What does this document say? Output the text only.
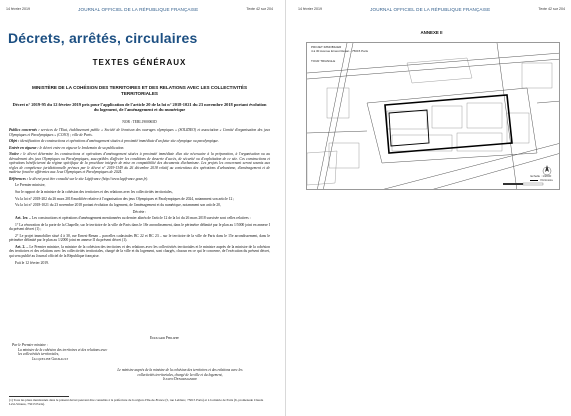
14 février 2019	JOURNAL OFFICIEL DE LA RÉPUBLIQUE FRANÇAISE	Texte 42 sur 204
Décrets, arrêtés, circulaires
TEXTES GÉNÉRAUX
MINISTÈRE DE LA COHÉSION DES TERRITOIRES ET DES RELATIONS AVEC LES COLLECTIVITÉS TERRITORIALES
Décret n° 2019-95 du 12 février 2019 pris pour l'application de l'article 20 de la loi n° 2018-1021 du 23 novembre 2018 portant évolution du logement, de l'aménagement et du numérique
NOR : TERL1900065D

Publics concernés : services de l'Etat, établissement public « Société de livraison des ouvrages olympiques » (SOLIDEO) et association « Comité d'organisation des jeux Olympiques et Paralympiques » (COJO) ; ville de Paris.

Objet : identification de constructions et opérations d'aménagement situées à proximité immédiate d'un futur site olympique ou paralympique.

Entrée en vigueur : le décret entre en vigueur le lendemain de sa publication.

Notice : le décret détermine les constructions et opérations d'aménagement situées à proximité immédiate d'un site nécessaire à la préparation, à l'organisation ou au déroulement des jeux Olympiques ou Paralympiques, susceptibles d'affecter les conditions de desserte d'accès, de sécurité ou d'exploitation de ce site. Ces constructions et opérations bénéficieront du régime spécifique de la procédure intégrée de mise en compatibilité des documents d'urbanisme. Les projets les concernant seront soumis aux règles de compétence juridictionnelle prévues par le décret n° 2019-1349 du 26 décembre 2018 relatif au contentieux des opérations d'urbanisme, d'aménagement et de maîtrise foncière afférentes aux Jeux Olympiques et Paralympiques de 2024.

Références : le décret peut être consulté sur le site Légifrance (http://www.legifrance.gouv.fr).

Le Premier ministre,

Sur le rapport de la ministre de la cohésion des territoires et des relations avec les collectivités territoriales,

Vu la loi n° 2018-202 du 26 mars 2018 modifiée relative à l'organisation des jeux Olympiques et Paralympiques de 2024, notamment son article 12 ;

Vu la loi n° 2018-1021 du 23 novembre 2018 portant évolution du logement, de l'aménagement et du numérique, notamment son article 20,

Décrète :

Art. 1er. – Les constructions et opérations d'aménagement mentionnées au dernier alinéa de l'article 12 de la loi du 26 mars 2018 susvisée sont celles relatives :

1° La rénovation de la porte de la Chapelle, sur le territoire de la ville de Paris dans le 18e arrondissement, dans le périmètre délimité par le plan au 1/5000 joint en annexe I du présent décret (1) ;

2° Le projet immobilier situé 4 à 30, rue Ernest-Renan – parcelles cadastrales BC 22 et BC 23 – sur le territoire de la ville de Paris dans le 15e arrondissement, dans le périmètre délimité par le plan au 1/2000 joint en annexe II du présent décret (1).

Art. 2. – Le Premier ministre, la ministre de la cohésion des territoires et des relations avec les collectivités territoriales et le ministre auprès de la ministre de la cohésion des territoires et des relations avec les collectivités territoriales, chargé de la ville et du logement, sont chargés, chacun en ce qui le concerne, de l'exécution du présent décret, qui sera publié au Journal officiel de la République française.

Fait le 12 février 2019.

Edouard Philippe
Par le Premier ministre :
La ministre de la cohésion des territoires et des relations avec les collectivités territoriales,
Jacqueline Gourault
Le ministre auprès de la ministre de la cohésion des territoires et des relations avec les collectivités territoriales, chargé de la ville et du logement,
Julien Denormandie
(1) Tous les plans mentionnés dans le présent décret peuvent être consultés à la préfecture de la région d'Ile-de-France (5, rue Leblanc, 75015 Paris) et à la mairie de Paris (6, promenade Claude Lévi-Strauss, 75013 Paris).
14 février 2019	JOURNAL OFFICIEL DE LA RÉPUBLIQUE FRANÇAISE	Texte 42 sur 204
ANNEXE II
PROJET IMMOBILIER
4 à 30 Avenue Ernest Renan - 75015 Paris
TOUR TRIANGLE
Echelle : 1/2000
Périmètre
